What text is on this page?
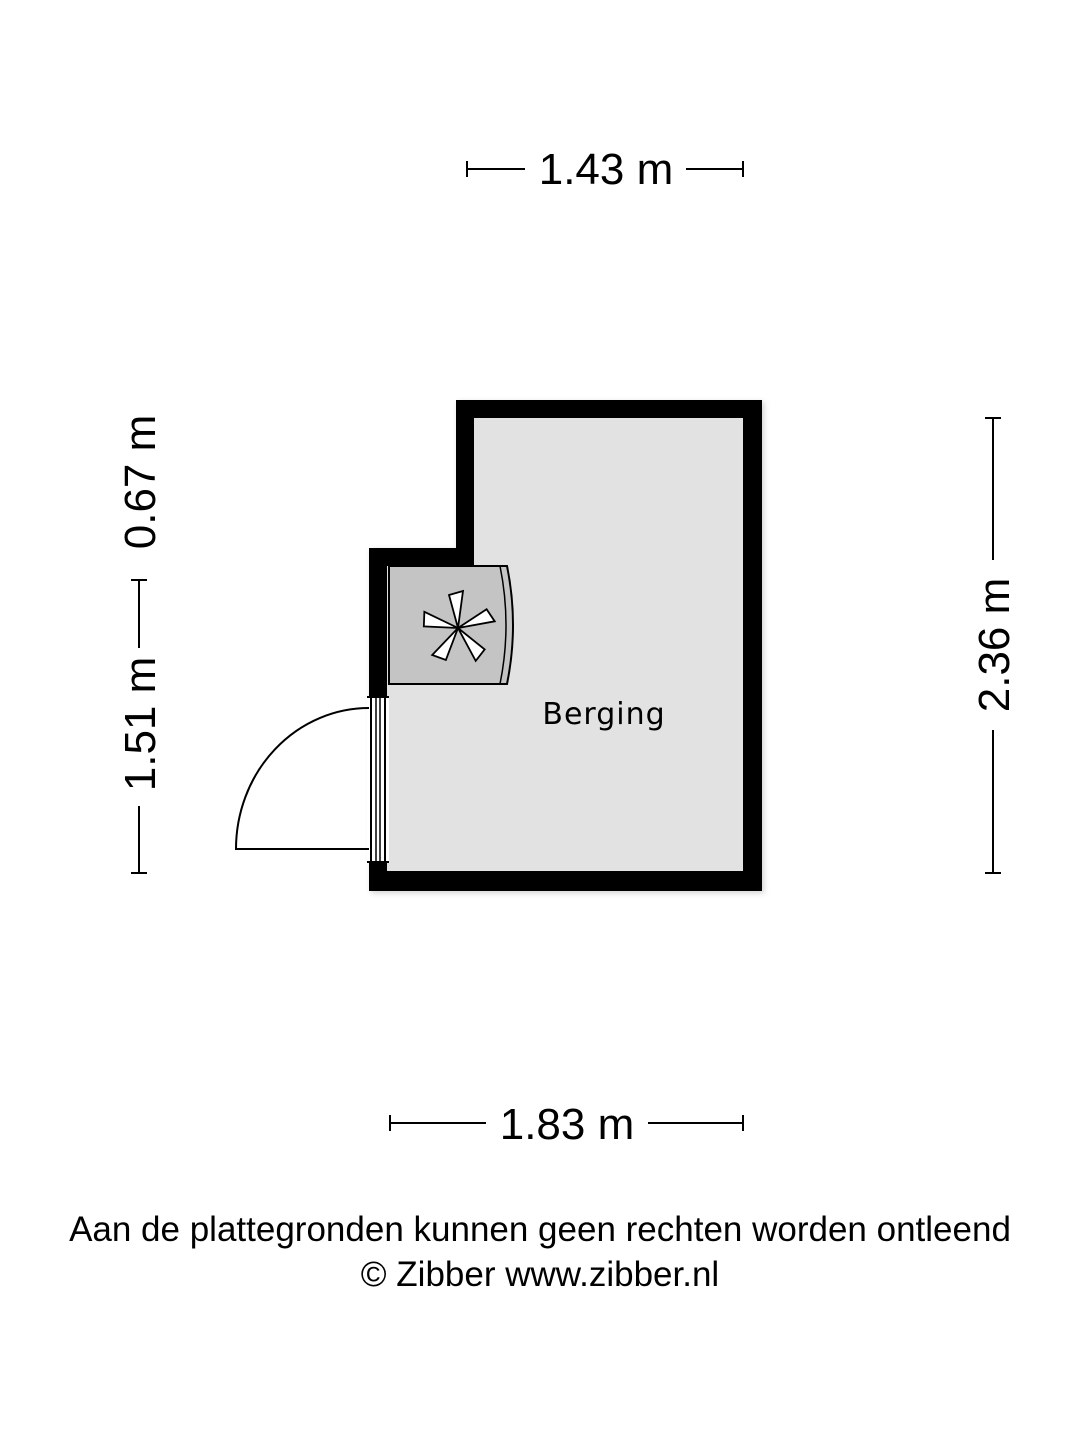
1.43 m
1.83 m
2.36 m
0.67 m
1.51 m	Berging
Aan de plattegronden kunnen geen rechten worden ontleend
© Zibber www.zibber.nl
